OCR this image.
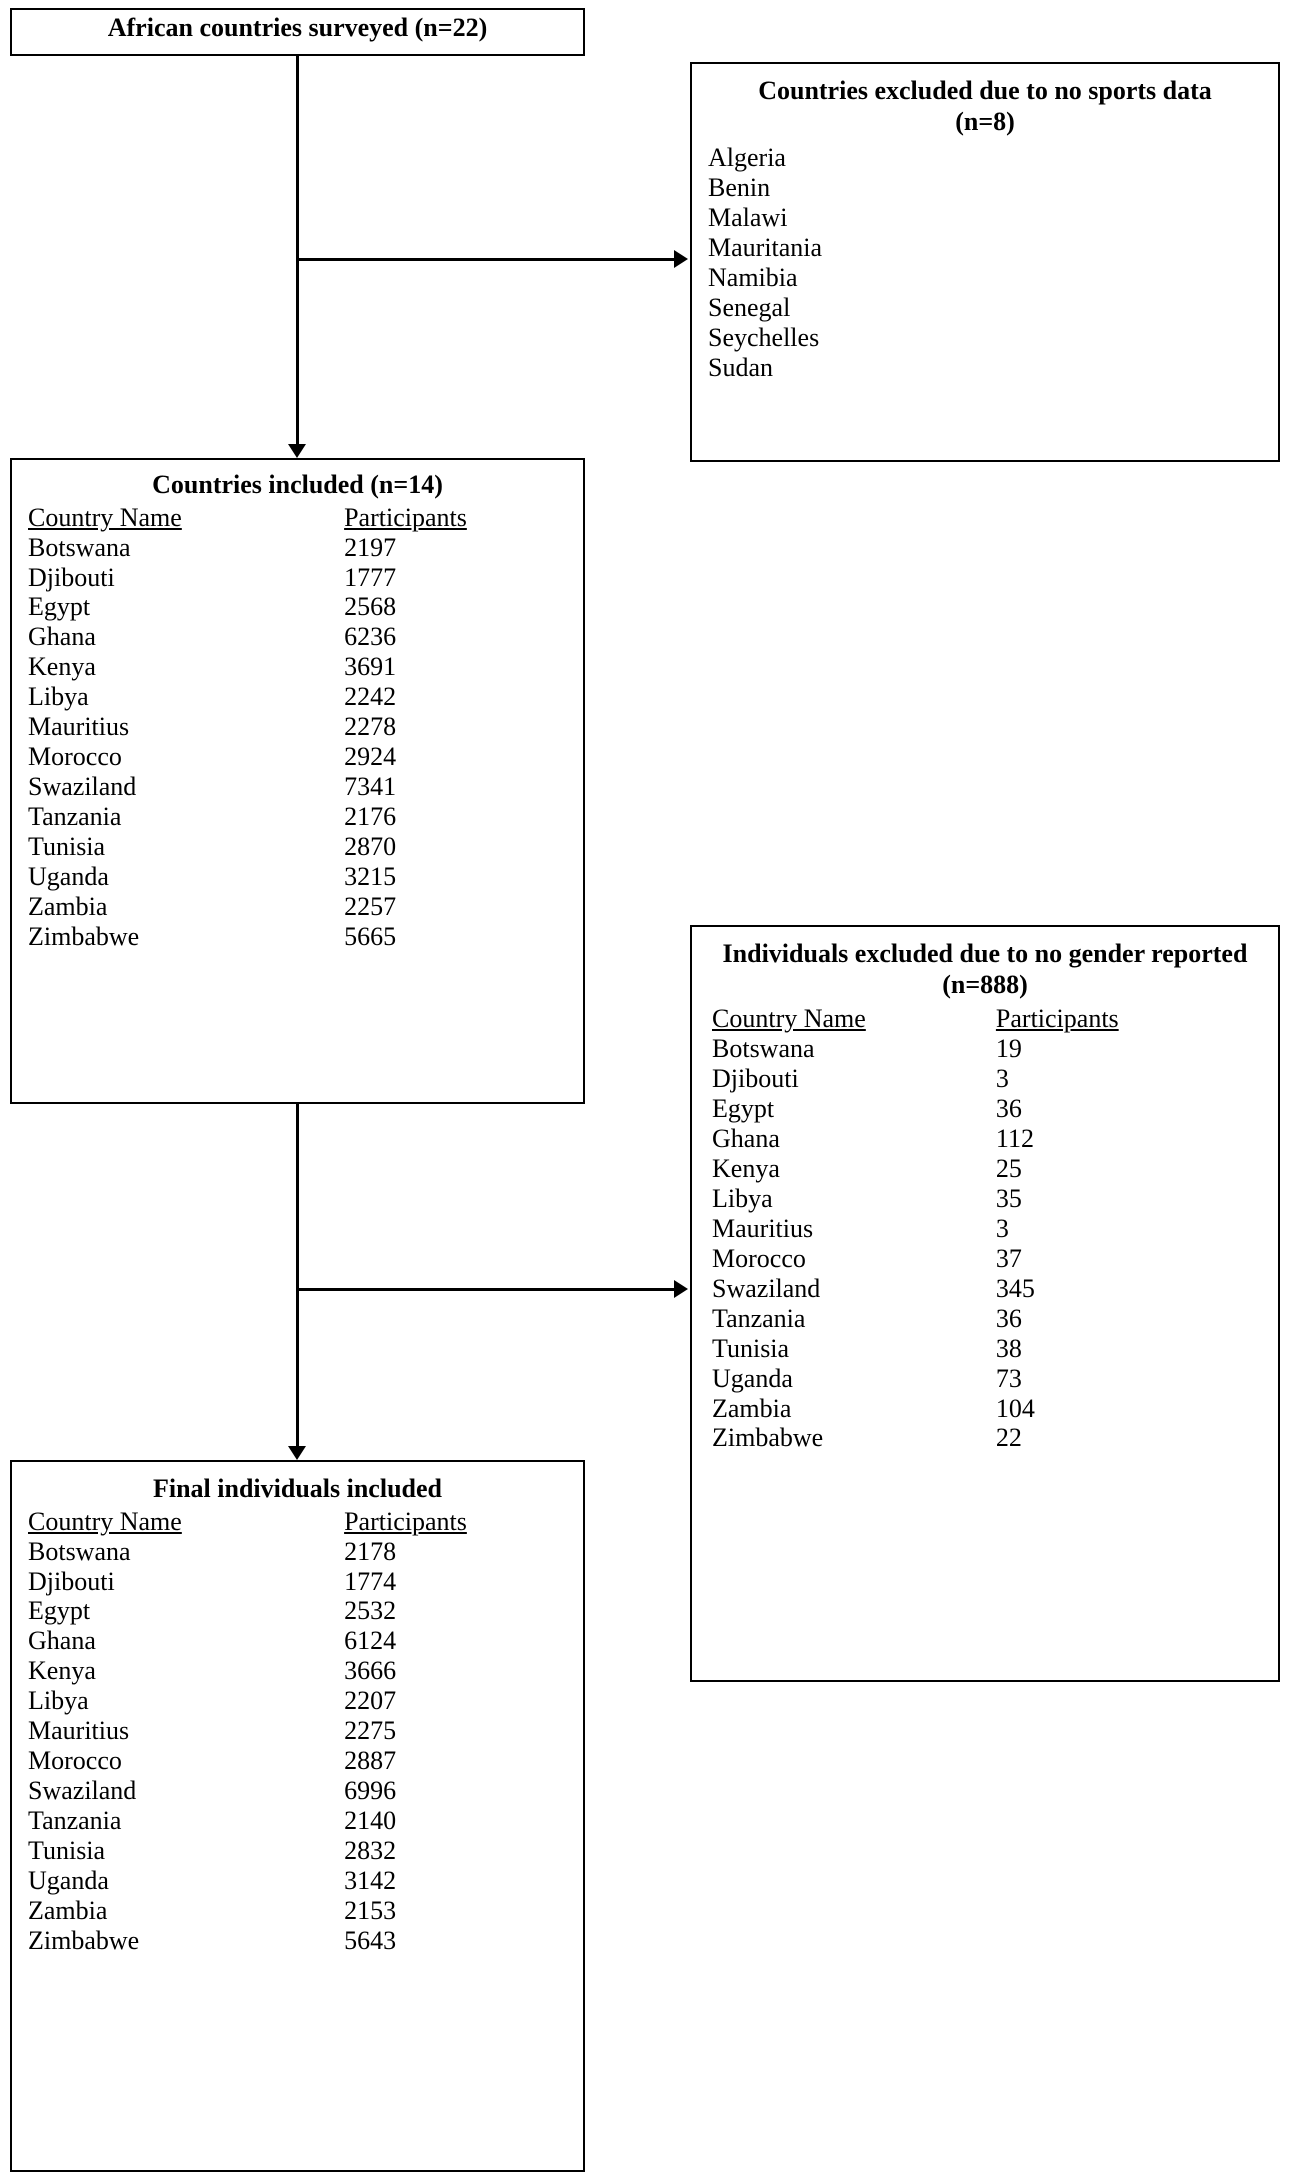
African countries surveyed (n=22)
Countries excluded due to no sports data (n=8)
Algeria
Benin
Malawi
Mauritania
Namibia
Senegal
Seychelles
Sudan
Countries included (n=14)
Country Name	Participants
Botswana	2197
Djibouti	1777
Egypt	2568
Ghana	6236
Kenya	3691
Libya	2242
Mauritius	2278
Morocco	2924
Swaziland	7341
Tanzania	2176
Tunisia	2870
Uganda	3215
Zambia	2257
Zimbabwe	5665
Individuals excluded due to no gender reported (n=888)
Country Name	Participants
Botswana	19
Djibouti	3
Egypt	36
Ghana	112
Kenya	25
Libya	35
Mauritius	3
Morocco	37
Swaziland	345
Tanzania	36
Tunisia	38
Uganda	73
Zambia	104
Zimbabwe	22
Final individuals included
Country Name	Participants
Botswana	2178
Djibouti	1774
Egypt	2532
Ghana	6124
Kenya	3666
Libya	2207
Mauritius	2275
Morocco	2887
Swaziland	6996
Tanzania	2140
Tunisia	2832
Uganda	3142
Zambia	2153
Zimbabwe	5643
